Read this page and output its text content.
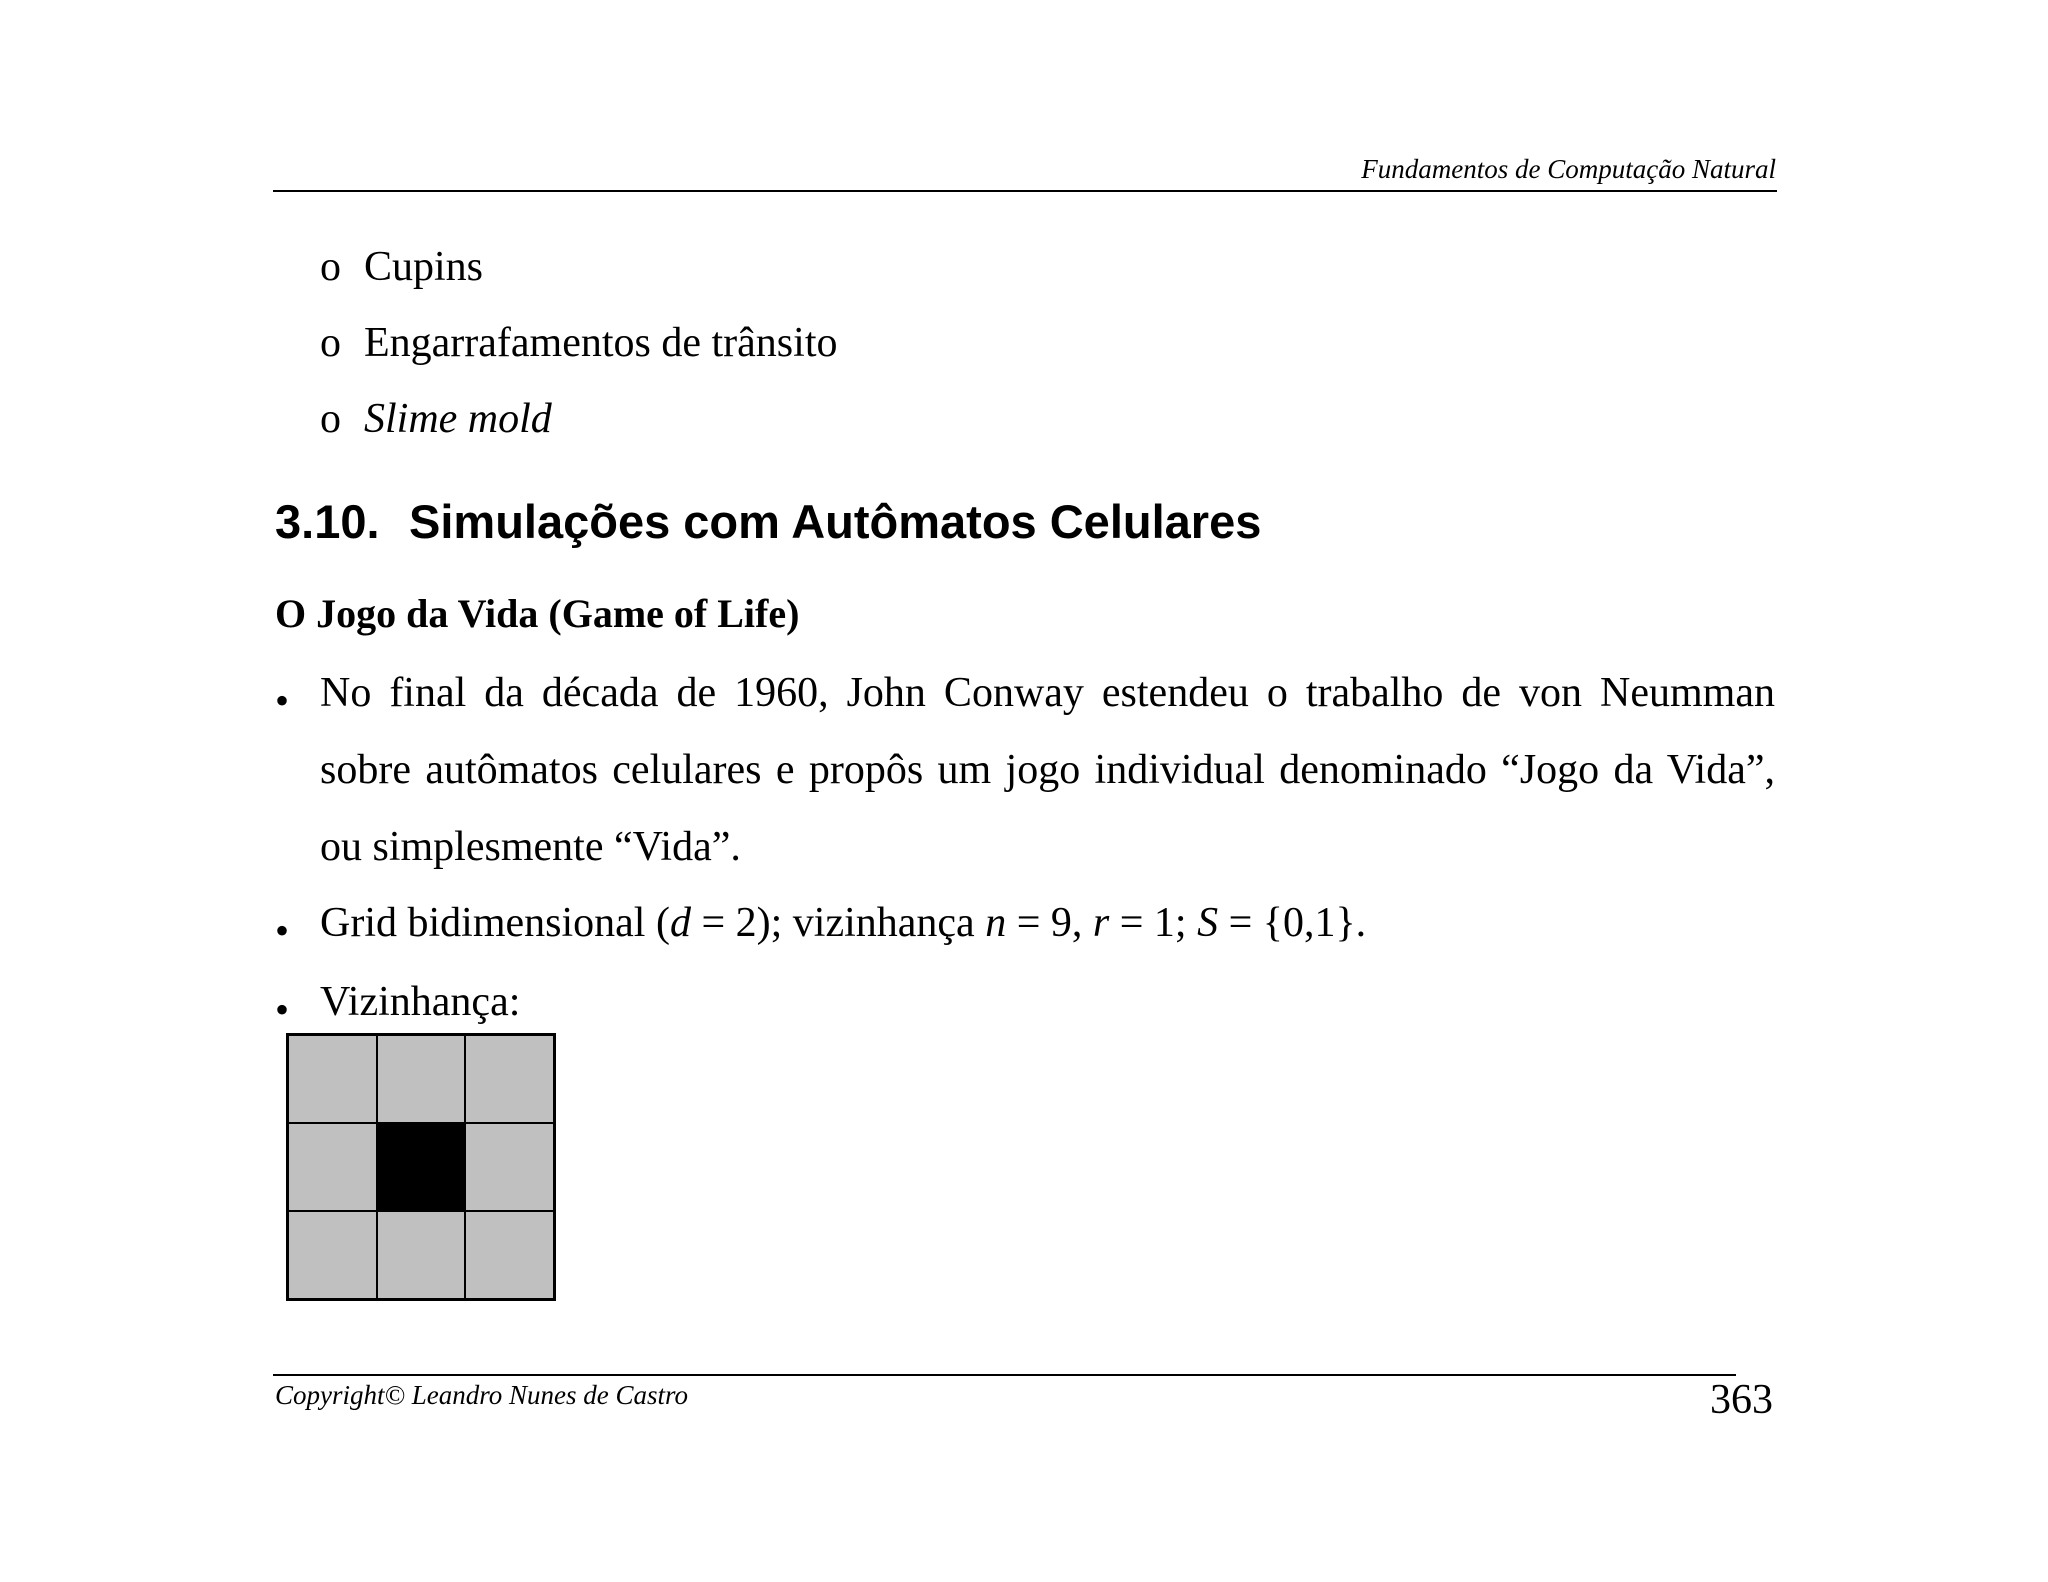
Fundamentos de Computação Natural
o Cupins
o Engarrafamentos de trânsito
o Slime mold
3.10. Simulações com Autômatos Celulares
O Jogo da Vida (Game of Life)
• No final da década de 1960, John Conway estendeu o trabalho de von Neumman sobre autômatos celulares e propôs um jogo individual denominado “Jogo da Vida”, ou simplesmente “Vida”.
• Grid bidimensional (d = 2); vizinhança n = 9, r = 1; S = {0,1}.
• Vizinhança:
Copyright© Leandro Nunes de Castro	363
